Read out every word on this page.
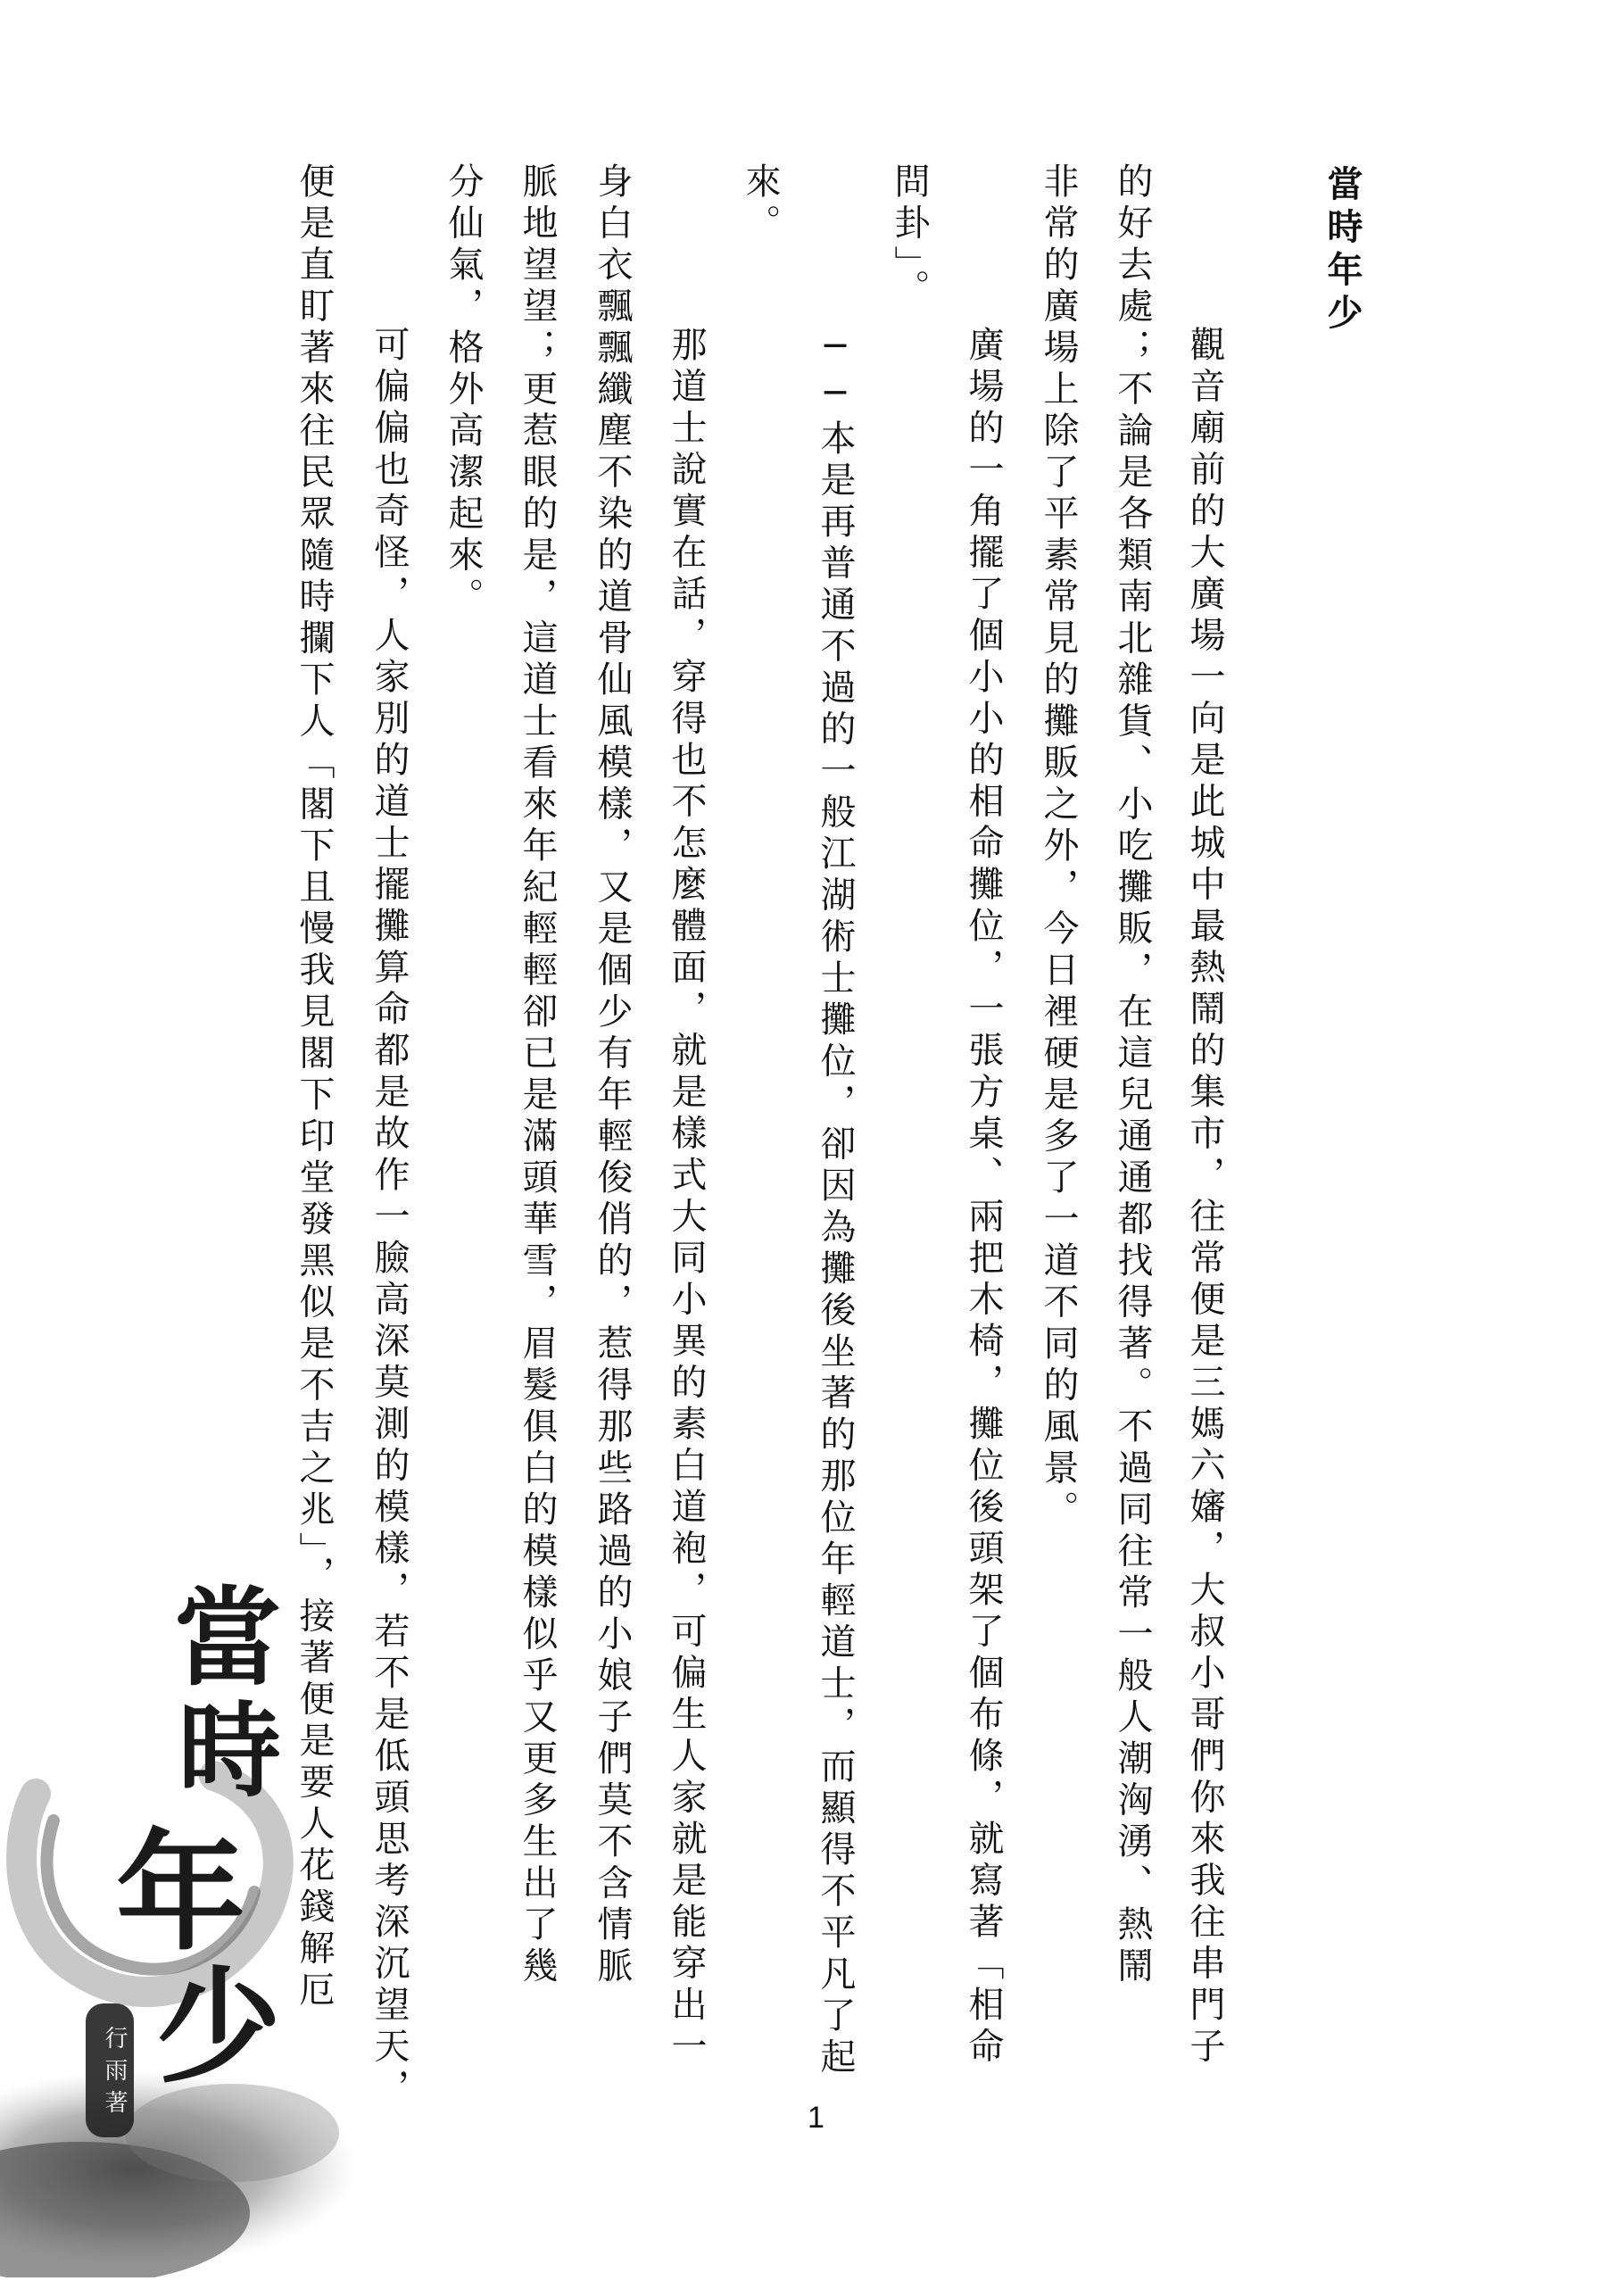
當時年少
　　觀音廟前的大廣場一向是此城中最熱鬧的集市，往常便是三媽六嬸，大叔小哥們你來我往串門子
的好去處；不論是各類南北雜貨、小吃攤販，在這兒通通都找得著。不過同往常一般人潮洶湧、熱鬧
非常的廣場上除了平素常見的攤販之外，今日裡硬是多了一道不同的風景。
　　廣場的一角擺了個小小的相命攤位，一張方桌、兩把木椅，攤位後頭架了個布條，就寫著「相命
問卦」。
　　──本是再普通不過的一般江湖術士攤位，卻因為攤後坐著的那位年輕道士，而顯得不平凡了起
來。
　　那道士說實在話，穿得也不怎麼體面，就是樣式大同小異的素白道袍，可偏生人家就是能穿出一
身白衣飄飄纖塵不染的道骨仙風模樣，又是個少有年輕俊俏的，惹得那些路過的小娘子們莫不含情脈
脈地望望；更惹眼的是，這道士看來年紀輕輕卻已是滿頭華雪，眉髮俱白的模樣似乎又更多生出了幾
分仙氣，格外高潔起來。
　　可偏偏也奇怪，人家別的道士擺攤算命都是故作一臉高深莫測的模樣，若不是低頭思考深沉望天，
便是直盯著來往民眾隨時攔下人「閣下且慢我見閣下印堂發黑似是不吉之兆」，接著便是要人花錢解厄
1
當
時
年
少
行雨著
